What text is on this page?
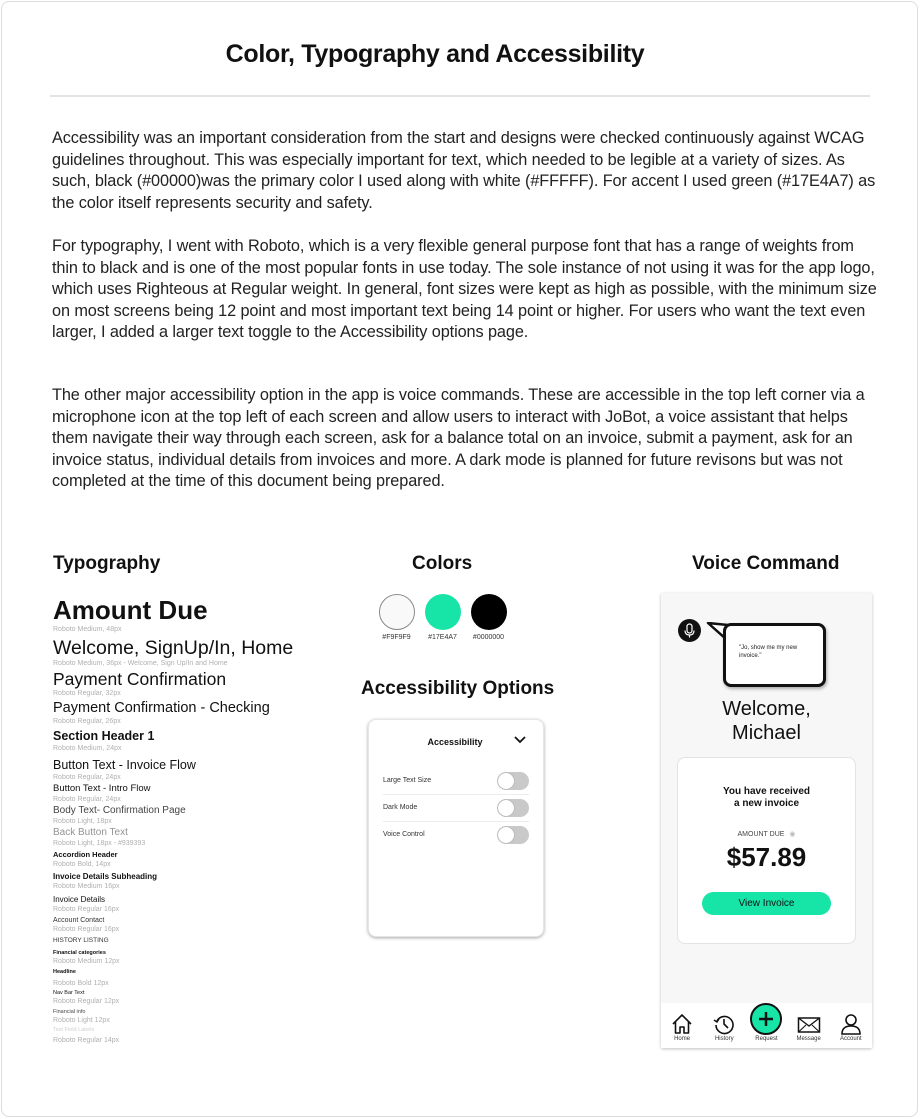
Color, Typography and Accessibility

Accessibility was an important consideration from the start and designs were checked continuously against WCAG guidelines throughout. This was especially important for text, which needed to be legible at a variety of sizes. As such, black (#00000)was the primary color I used along with white (#FFFFF). For accent I used green (#17E4A7) as the color itself represents security and safety.

For typography, I went with Roboto, which is a very flexible general purpose font that has a range of weights from thin to black and is one of the most popular fonts in use today. The sole instance of not using it was for the app logo, which uses Righteous at Regular weight. In general, font sizes were kept as high as possible, with the minimum size on most screens being 12 point and most important text being 14 point or higher. For users who want the text even larger, I added a larger text toggle to the Accessibility options page.

The other major accessibility option in the app is voice commands. These are accessible in the top left corner via a microphone icon at the top left of each screen and allow users to interact with JoBot, a voice assistant that helps them navigate their way through each screen, ask for a balance total on an invoice, submit a payment, ask for an invoice status, individual details from invoices and more. A dark mode is planned for future revisons but was not completed at the time of this document being prepared.

Typography	Colors	Voice Command
Accessibility Options
Amount Due
Roboto Medium, 48px
Welcome, SignUp/In, Home
Roboto Medium, 36px - Welcome, Sign Up/In and Home
Payment Confirmation
Roboto Regular, 32px
Payment Confirmation - Checking
Roboto Regular, 26px
Section Header 1
Roboto Medium, 24px
Button Text - Invoice Flow
Roboto Regular, 24px
Button Text - Intro Flow
Roboto Regular, 24px
Body Text- Confirmation Page
Roboto Light, 18px
Back Button Text
Roboto Light, 18px - #939393
Accordion Header
Roboto Bold, 14px
Invoice Details Subheading
Roboto Medium 16px
Invoice Details
Roboto Regular 16px
Account Contact
Roboto Regular 16px
HISTORY LISTING
Financial categories
Roboto Medium 12px
Headline
Roboto Bold 12px
Nav Bar Text
Roboto Regular 12px
Financial info
Roboto Light 12px
Text Field Labels
Roboto Regular 14px
#F9F9F9 #17E4A7 #0000000
Accessibility
Large Text Size
Dark Mode
Voice Control
"Jo, show me my new invoice."
Welcome,
Michael
You have received
a new invoice
AMOUNT DUE ◉
$57.89
View Invoice
Home	History	Request	Message	Account
